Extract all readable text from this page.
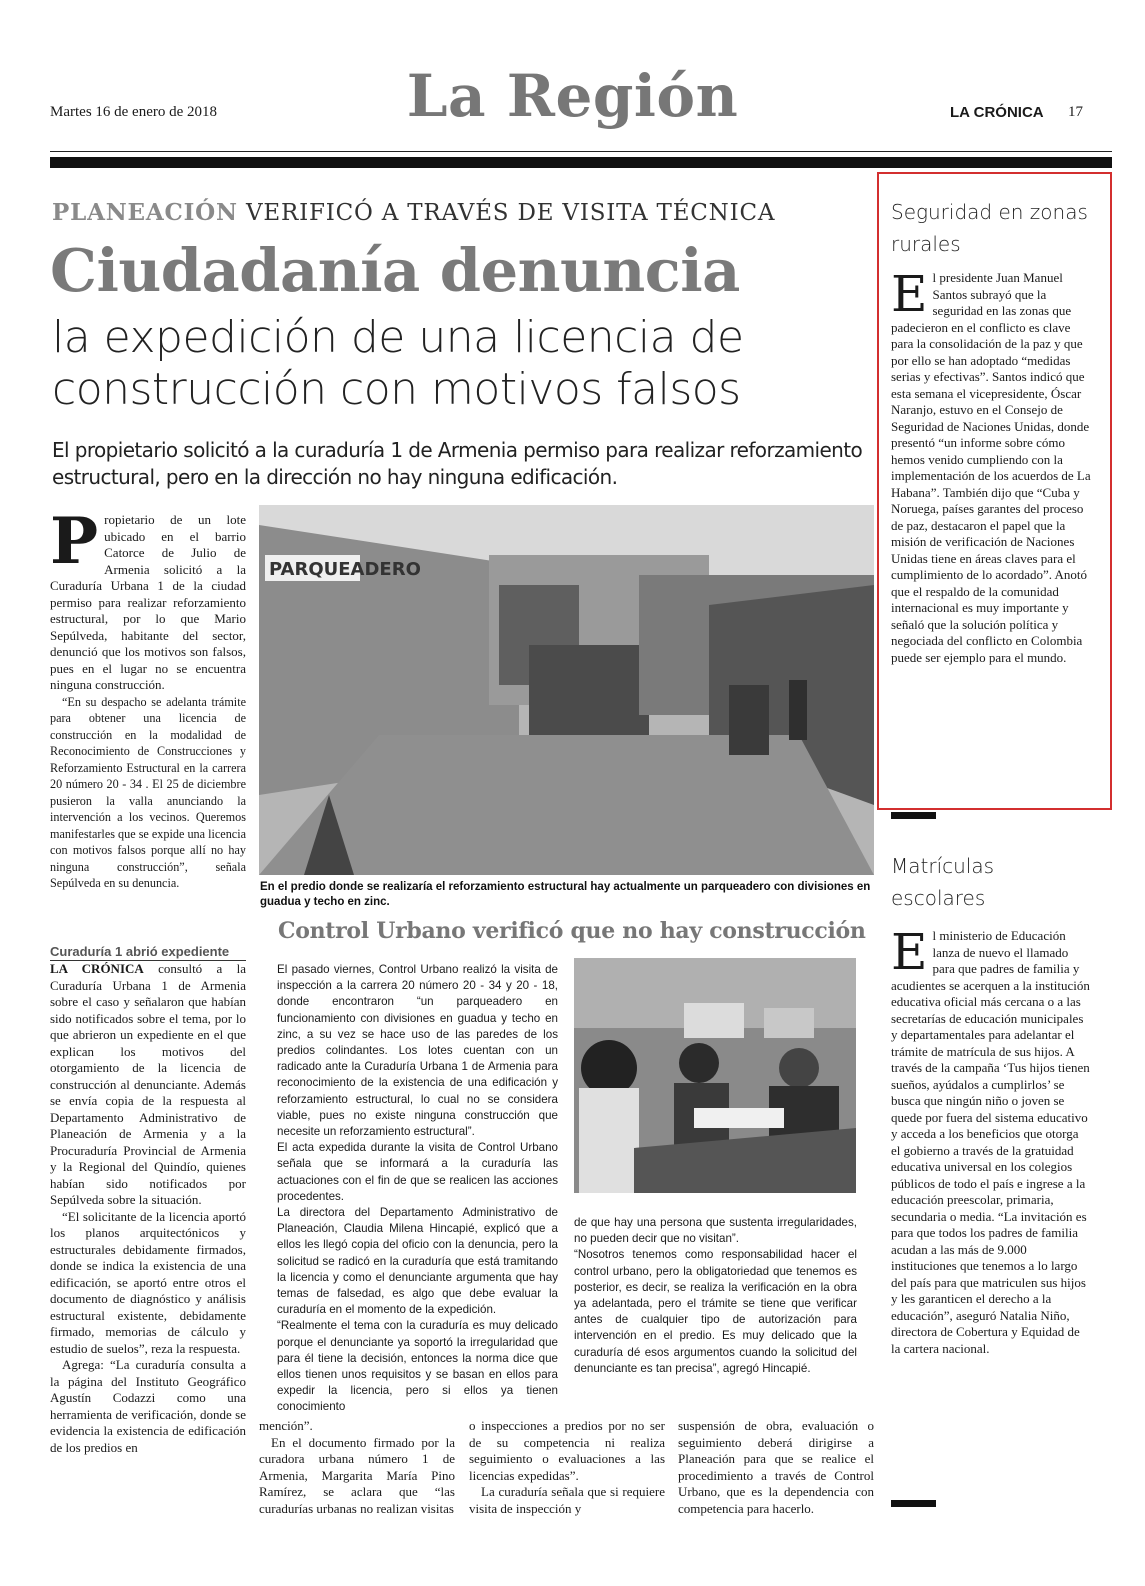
Martes 16 de enero de 2018	La Región	LA CRÓNICA 17
PLANEACIÓN VERIFICÓ A TRAVÉS DE VISITA TÉCNICA
Ciudadanía denuncia
la expedición de una licencia de construcción con motivos falsos
El propietario solicitó a la curaduría 1 de Armenia permiso para realizar reforzamiento estructural, pero en la dirección no hay ninguna edificación.
P ropietario de un lote ubicado en el barrio Catorce de Julio de Armenia solicitó a la Curaduría Urbana 1 de la ciudad permiso para realizar reforzamiento estructural, por lo que Mario Sepúlveda, habitante del sector, denunció que los motivos son falsos, pues en el lugar no se encuentra ninguna construcción.

“En su despacho se adelanta trámite para obtener una licencia de construcción en la modalidad de Reconocimiento de Construcciones y Reforzamiento Estructural en la carrera 20 número 20 - 34 . El 25 de diciembre pusieron la valla anunciando la intervención a los vecinos. Queremos manifestarles que se expide una licencia con motivos falsos porque allí no hay ninguna construcción”, señala Sepúlveda en su denuncia.

Curaduría 1 abrió expediente

LA CRÓNICA consultó a la Curaduría Urbana 1 de Armenia sobre el caso y señalaron que habían sido notificados sobre el tema, por lo que abrieron un expediente en el que explican los motivos del otorgamiento de la licencia de construcción al denunciante. Además se envía copia de la respuesta al Departamento Administrativo de Planeación de Armenia y a la Procuraduría Provincial de Armenia y la Regional del Quindío, quienes habían sido notificados por Sepúlveda sobre la situación.

“El solicitante de la licencia aportó los planos arquitectónicos y estructurales debidamente firmados, donde se indica la existencia de una edificación, se aportó entre otros el documento de diagnóstico y análisis estructural existente, debidamente firmado, memorias de cálculo y estudio de suelos”, reza la respuesta.

Agrega: “La curaduría consulta a la página del Instituto Geográfico Agustín Codazzi como una herramienta de verificación, donde se evidencia la existencia de edificación de los predios en

PARQUEADERO
En el predio donde se realizaría el reforzamiento estructural hay actualmente un parqueadero con divisiones en guadua y techo en zinc.
Control Urbano verificó que no hay construcción

El pasado viernes, Control Urbano realizó la visita de inspección a la carrera 20 número 20 - 34 y 20 - 18, donde encontraron “un parqueadero en funcionamiento con divisiones en guadua y techo en zinc, a su vez se hace uso de las paredes de los predios colindantes. Los lotes cuentan con un radicado ante la Curaduría Urbana 1 de Armenia para reconocimiento de la existencia de una edificación y reforzamiento estructural, lo cual no se considera viable, pues no existe ninguna construcción que necesite un reforzamiento estructural”.

El acta expedida durante la visita de Control Urbano señala que se informará a la curaduría las actuaciones con el fin de que se realicen las acciones procedentes.

La directora del Departamento Administrativo de Planeación, Claudia Milena Hincapié, explicó que a ellos les llegó copia del oficio con la denuncia, pero la solicitud se radicó en la curaduría que está tramitando la licencia y como el denunciante argumenta que hay temas de falsedad, es algo que debe evaluar la curaduría en el momento de la expedición.

“Realmente el tema con la curaduría es muy delicado porque el denunciante ya soportó la irregularidad que para él tiene la decisión, entonces la norma dice que ellos tienen unos requisitos y se basan en ellos para expedir la licencia, pero si ellos ya tienen conocimiento

de que hay una persona que sustenta irregularidades, no pueden decir que no visitan”.

“Nosotros tenemos como responsabilidad hacer el control urbano, pero la obligatoriedad que tenemos es posterior, es decir, se realiza la verificación en la obra ya adelantada, pero el trámite se tiene que verificar antes de cualquier tipo de autorización para intervención en el predio. Es muy delicado que la curaduría dé esos argumentos cuando la solicitud del denunciante es tan precisa”, agregó Hincapié.

mención”.

En el documento firmado por la curadora urbana número 1 de Armenia, Margarita María Pino Ramírez, se aclara que “las curadurías urbanas no realizan visitas

o inspecciones a predios por no ser de su competencia ni realiza seguimiento o evaluaciones a las licencias expedidas”.

La curaduría señala que si requiere visita de inspección y

suspensión de obra, evaluación o seguimiento deberá dirigirse a Planeación para que se realice el procedimiento a través de Control Urbano, que es la dependencia con competencia para hacerlo.

Seguridad en zonas rurales
E l presidente Juan Manuel Santos subrayó que la seguridad en las zonas que padecieron en el conflicto es clave para la consolidación de la paz y que por ello se han adoptado “medidas serias y efectivas”. Santos indicó que esta semana el vicepresidente, Óscar Naranjo, estuvo en el Consejo de Seguridad de Naciones Unidas, donde presentó “un informe sobre cómo hemos venido cumpliendo con la implementación de los acuerdos de La Habana”. También dijo que “Cuba y Noruega, países garantes del proceso de paz, destacaron el papel que la misión de verificación de Naciones Unidas tiene en áreas claves para el cumplimiento de lo acordado”. Anotó que el respaldo de la comunidad internacional es muy importante y señaló que la solución política y negociada del conflicto en Colombia puede ser ejemplo para el mundo.

Matrículas escolares
E l ministerio de Educación lanza de nuevo el llamado para que padres de familia y acudientes se acerquen a la institución educativa oficial más cercana o a las secretarías de educación municipales y departamentales para adelantar el trámite de matrícula de sus hijos. A través de la campaña ‘Tus hijos tienen sueños, ayúdalos a cumplirlos’ se busca que ningún niño o joven se quede por fuera del sistema educativo y acceda a los beneficios que otorga el gobierno a través de la gratuidad educativa universal en los colegios públicos de todo el país e ingrese a la educación preescolar, primaria, secundaria o media. “La invitación es para que todos los padres de familia acudan a las más de 9.000 instituciones que tenemos a lo largo del país para que matriculen sus hijos y les garanticen el derecho a la educación”, aseguró Natalia Niño, directora de Cobertura y Equidad de la cartera nacional.
